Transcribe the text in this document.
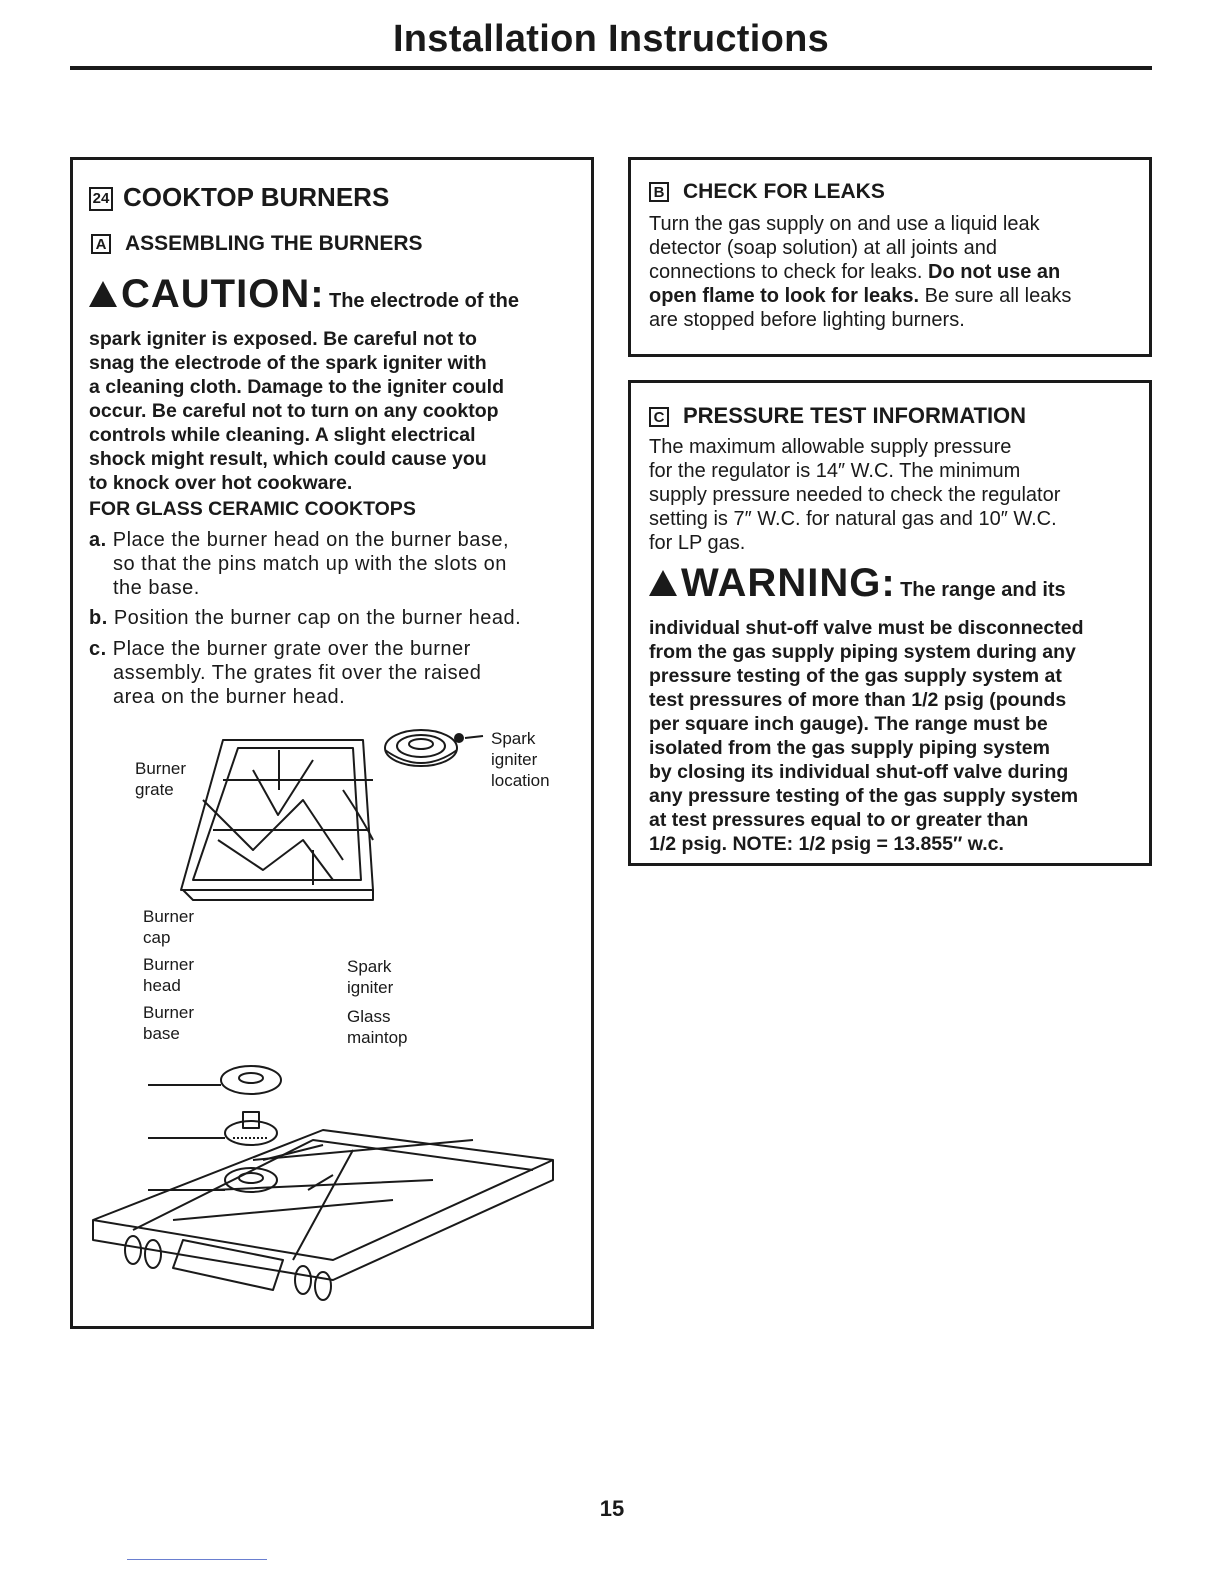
Installation Instructions
24 COOKTOP BURNERS
A ASSEMBLING THE BURNERS
!CAUTION: The electrode of the
spark igniter is exposed. Be careful not to
snag the electrode of the spark igniter with
a cleaning cloth. Damage to the igniter could
occur. Be careful not to turn on any cooktop
controls while cleaning. A slight electrical
shock might result, which could cause you
to knock over hot cookware.
FOR GLASS CERAMIC COOKTOPS
a. Place the burner head on the burner base,
so that the pins match up with the slots on
the base.
b. Position the burner cap on the burner head.
c. Place the burner grate over the burner
assembly. The grates fit over the raised
area on the burner head.
Burner
grate
Spark
igniter
location
Burner
cap
Burner
head
Burner
base
Spark
igniter
Glass
maintop
B CHECK FOR LEAKS
Turn the gas supply on and use a liquid leak
detector (soap solution) at all joints and
connections to check for leaks. Do not use an
open flame to look for leaks. Be sure all leaks
are stopped before lighting burners.
C PRESSURE TEST INFORMATION
The maximum allowable supply pressure
for the regulator is 14″ W.C. The minimum
supply pressure needed to check the regulator
setting is 7″ W.C. for natural gas and 10″ W.C.
for LP gas.
!WARNING: The range and its
individual shut-off valve must be disconnected
from the gas supply piping system during any
pressure testing of the gas supply system at
test pressures of more than 1/2 psig (pounds
per square inch gauge). The range must be
isolated from the gas supply piping system
by closing its individual shut-off valve during
any pressure testing of the gas supply system
at test pressures equal to or greater than
1/2 psig. NOTE: 1/2 psig = 13.855″ w.c.
15
